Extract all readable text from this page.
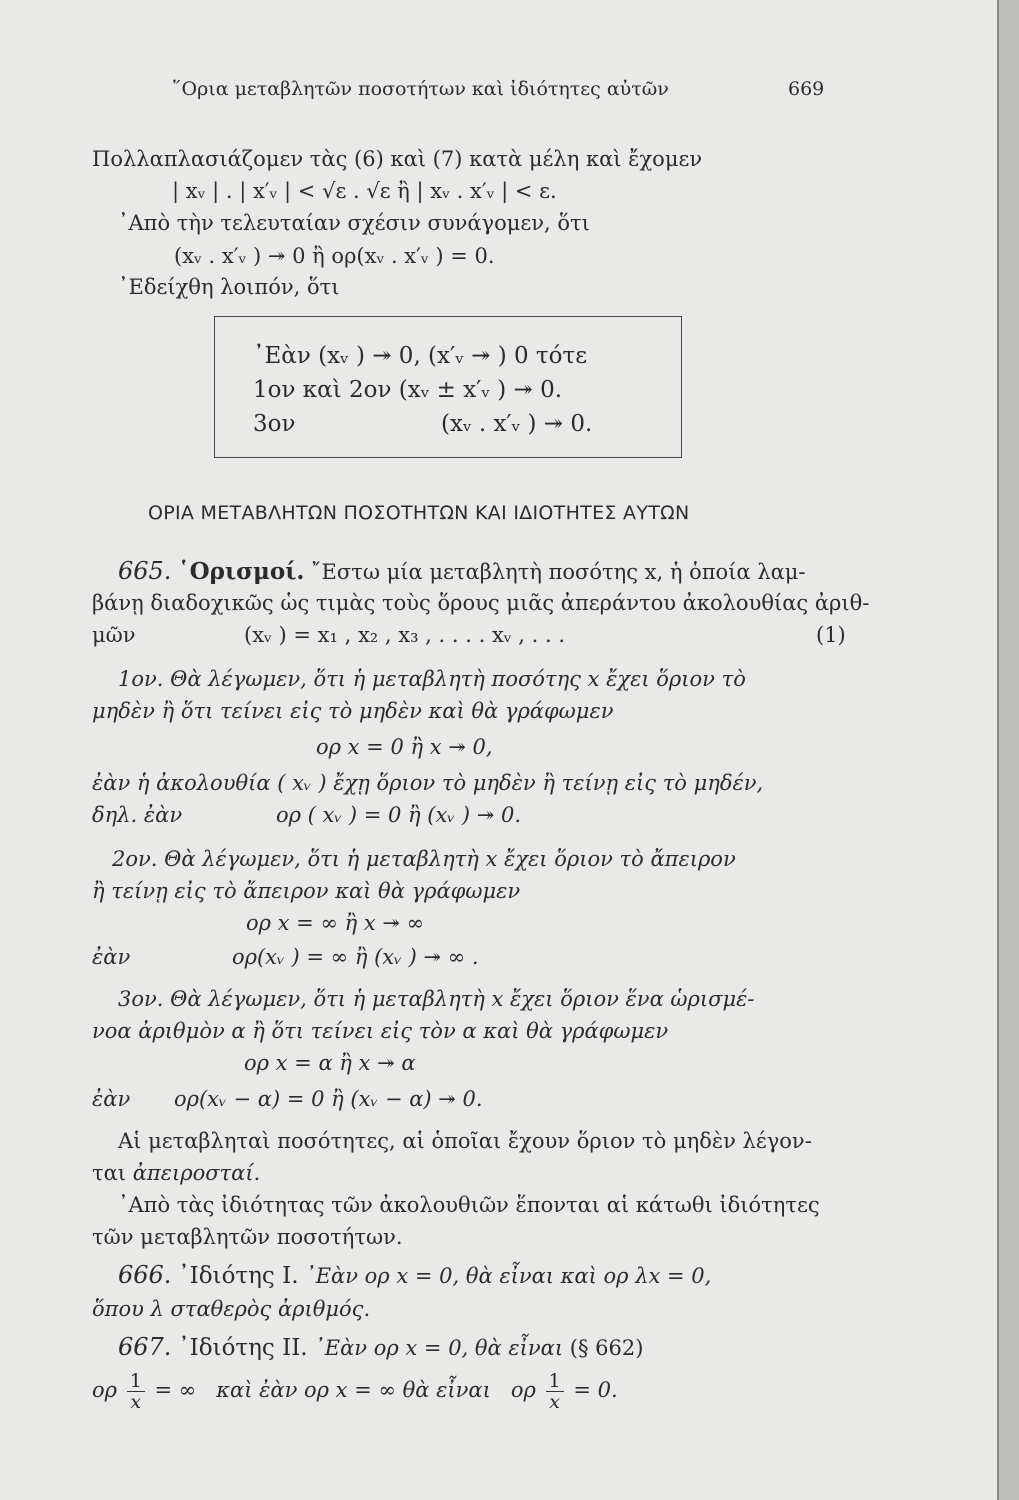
῞Ορια μεταβλητῶν ποσοτήτων καὶ ἰδιότητες αὐτῶν	669
Πολλαπλασιάζομεν τὰς (6) καὶ (7) κατὰ μέλη καὶ ἔχομεν
| xᵥ | . | x′ᵥ | < √ε . √ε ἢ | xᵥ . x′ᵥ | < ε.
᾿Απὸ τὴν τελευταίαν σχέσιν συνάγομεν, ὅτι
(xᵥ . x′ᵥ ) ↠ 0 ἢ ορ(xᵥ . x′ᵥ ) = 0.
᾿Εδείχθη λοιπόν, ὅτι
᾿Εὰν (xᵥ ) ↠ 0, (x′ᵥ ↠ ) 0 τότε
1ον καὶ 2ον (xᵥ ± x′ᵥ ) ↠ 0.
3ον	(xᵥ . x′ᵥ ) ↠ 0.
ΟΡΙΑ ΜΕΤΑΒΛΗΤΩΝ ΠΟΣΟΤΗΤΩΝ ΚΑΙ ΙΔΙΟΤΗΤΕΣ ΑΥΤΩΝ
665. ῾Ορισμοί. ῎Εστω μία μεταβλητὴ ποσότης x, ἡ ὁποία λαμ-
βάνῃ διαδοχικῶς ὡς τιμὰς τοὺς ὅρους μιᾶς ἀπεράντου ἀκολουθίας ἀριθ-
μῶν	(xᵥ ) = x₁ , x₂ , x₃ , . . . . xᵥ , . . .	(1)
1ον. Θὰ λέγωμεν, ὅτι ἡ μεταβλητὴ ποσότης x ἔχει ὅριον τὸ
μηδὲν ἢ ὅτι τείνει εἰς τὸ μηδὲν καὶ θὰ γράφωμεν
ορ x = 0 ἢ x ↠ 0,
ἐὰν ἡ ἀκολουθία ( xᵥ ) ἔχῃ ὅριον τὸ μηδὲν ἢ τείνῃ εἰς τὸ μηδέν,
δηλ. ἐὰν	ορ ( xᵥ ) = 0 ἢ (xᵥ ) ↠ 0.
2ον. Θὰ λέγωμεν, ὅτι ἡ μεταβλητὴ x ἔχει ὅριον τὸ ἄπειρον
ἢ τείνῃ εἰς τὸ ἄπειρον καὶ θὰ γράφωμεν
ορ x = ∞ ἢ x ↠ ∞
ἐὰν	ορ(xᵥ ) = ∞ ἢ (xᵥ ) ↠ ∞ .
3ον. Θὰ λέγωμεν, ὅτι ἡ μεταβλητὴ x ἔχει ὅριον ἕνα ὡρισμέ-
νοα ἀριθμὸν α ἢ ὅτι τείνει εἰς τὸν α καὶ θὰ γράφωμεν
ορ x = α ἢ x ↠ α
ἐὰν ορ(xᵥ − α) = 0 ἢ (xᵥ − α) ↠ 0.
Αἱ μεταβληταὶ ποσότητες, αἱ ὁποῖαι ἔχουν ὅριον τὸ μηδὲν λέγον-
ται ἀπειροσταί.
᾿Απὸ τὰς ἰδιότητας τῶν ἀκολουθιῶν ἕπονται αἱ κάτωθι ἰδιότητες
τῶν μεταβλητῶν ποσοτήτων.
666. ᾿Ιδιότης I. ᾿Εὰν ορ x = 0, θὰ εἶναι καὶ ορ λx = 0,
ὅπου λ σταθερὸς ἀριθμός.
667. ᾿Ιδιότης II. ᾿Εὰν ορ x = 0, θὰ εἶναι (§ 662)
ορ $\frac{1}{x}$ = ∞ καὶ ἐὰν ορ x = ∞ θὰ εἶναι ορ $\frac{1}{x} = 0$.
